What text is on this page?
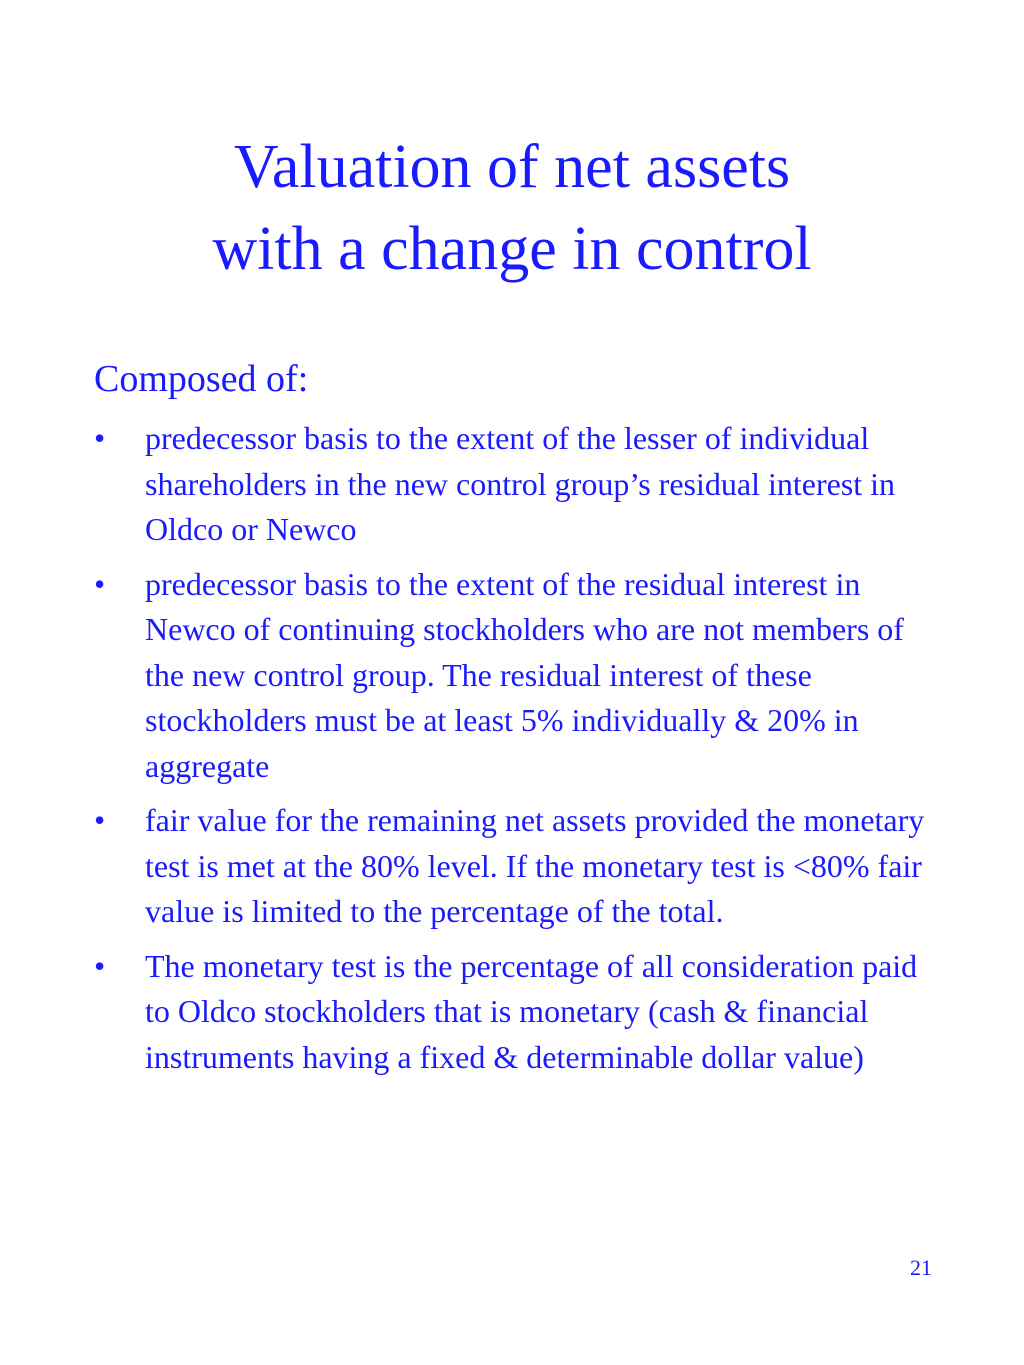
Valuation of net assets
with a change in control

Composed of:

• predecessor basis to the extent of the lesser of individual shareholders in the new control group’s residual interest in Oldco or Newco
• predecessor basis to the extent of the residual interest in Newco of continuing stockholders who are not members of the new control group. The residual interest of these stockholders must be at least 5% individually & 20% in aggregate
• fair value for the remaining net assets provided the monetary test is met at the 80% level. If the monetary test is <80% fair value is limited to the percentage of the total.
• The monetary test is the percentage of all consideration paid to Oldco stockholders that is monetary (cash & financial instruments having a fixed & determinable dollar value)
21
